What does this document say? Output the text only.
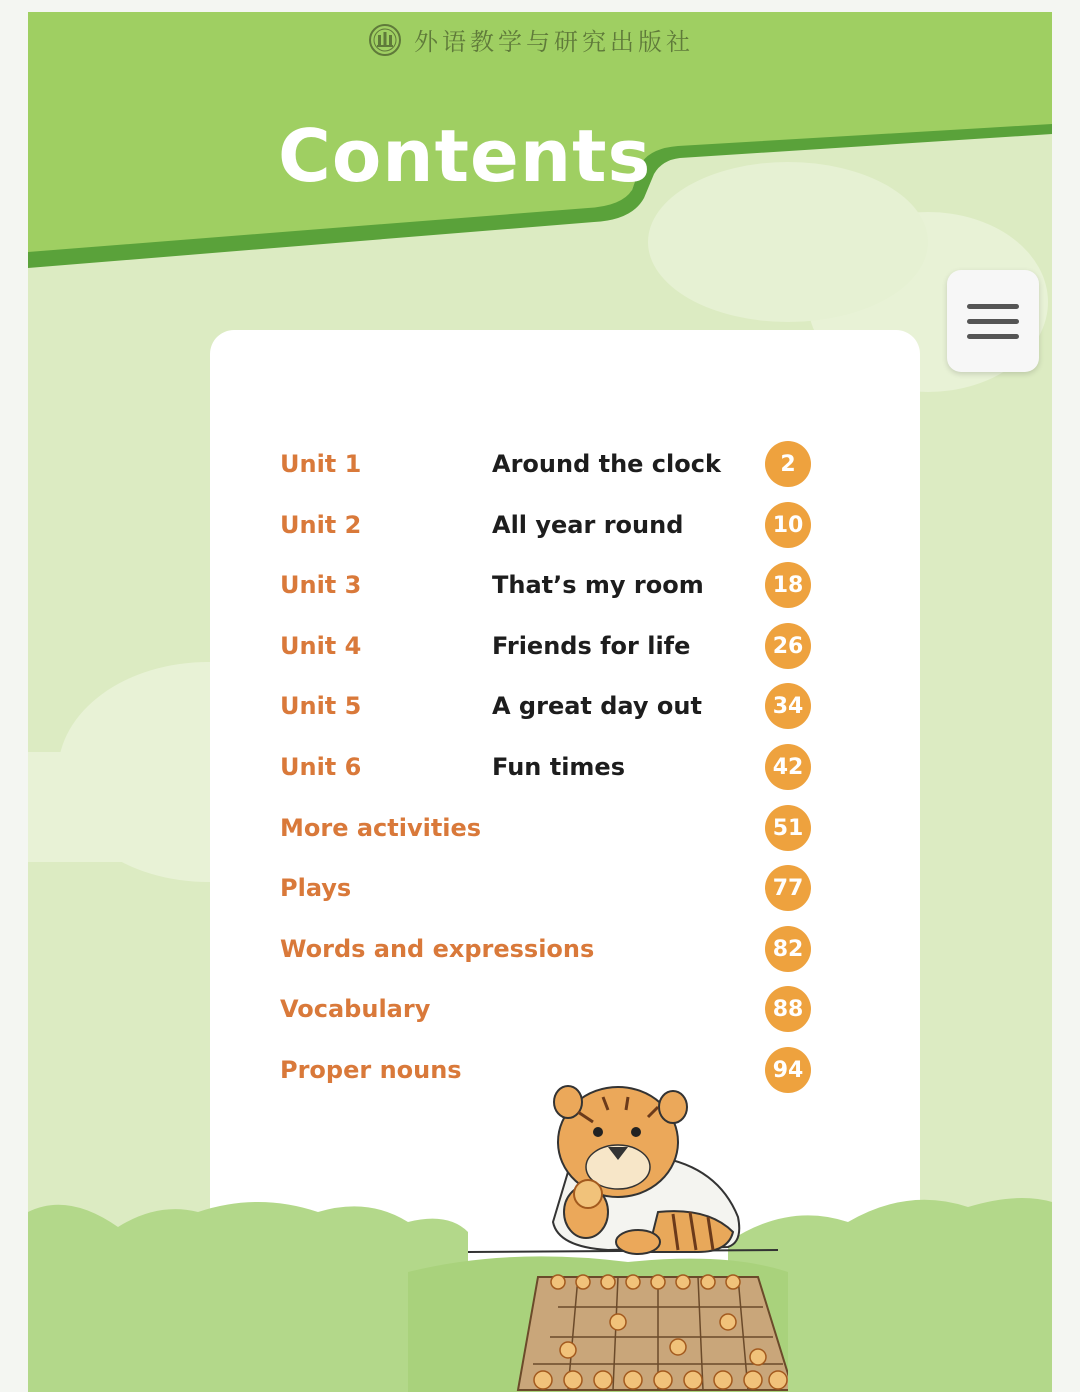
外语教学与研究出版社
Contents
Unit 1	Around the clock	2
Unit 2	All year round	10
Unit 3	That’s my room	18
Unit 4	Friends for life	26
Unit 5	A great day out	34
Unit 6	Fun times	42
More activities	51
Plays	77
Words and expressions	82
Vocabulary	88
Proper nouns	94
